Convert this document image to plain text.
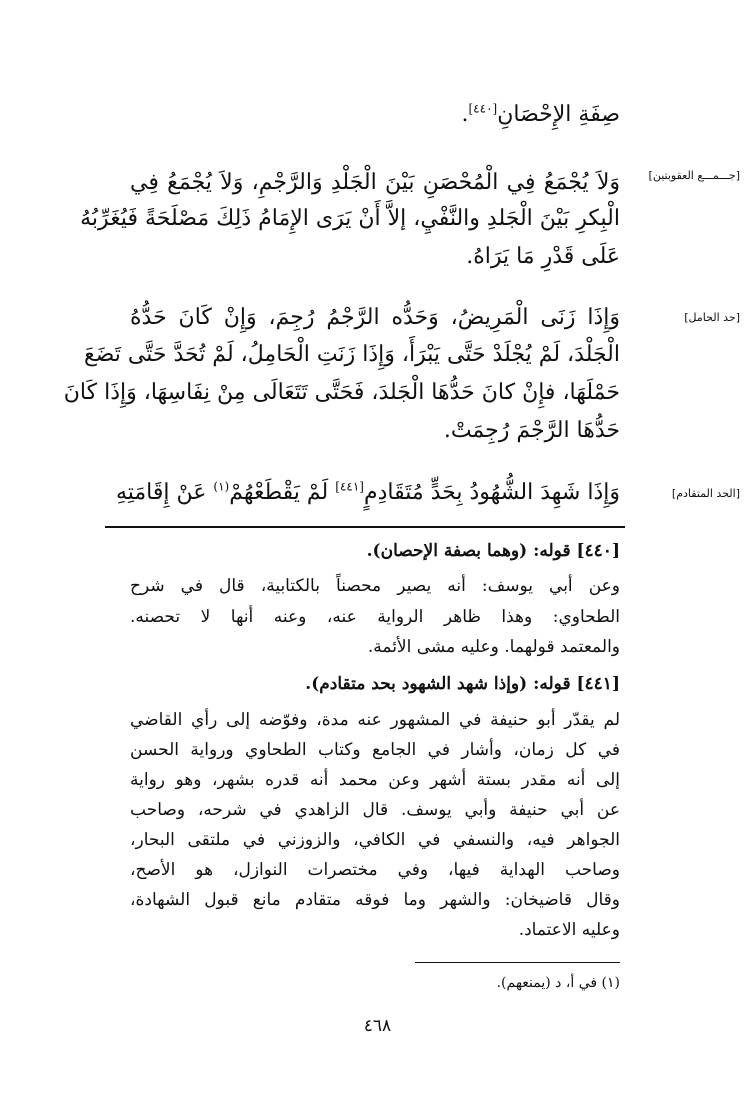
صِفَةِ الإِحْصَانِ[٤٤٠].
[جـــمـــع العقوبتين]
وَلاَ يُجْمَعُ فِي الْمُحْصَنِ بَيْنَ الْجَلْدِ وَالرَّجْمِ، وَلاَ يُجْمَعُ فِي
الْبِكرِ بَيْنَ الْجَلدِ والنَّفْيِ، إلاَّ أَنْ يَرَى الإِمَامُ ذَلِكَ مَصْلَحَةً فَيُغَرِّبُهُ
عَلَى قَدْرِ مَا يَرَاهُ.
[حد الحامل]
وَإِذَا زَنَى الْمَرِيضُ، وَحَدُّه الرَّجْمُ رُجِمَ، وَإِنْ كَانَ حَدُّهُ
الْجَلْدَ، لَمْ يُجْلَدْ حَتَّى يَبْرَأَ، وَإِذَا زَنَتِ الْحَامِلُ، لَمْ تُحَدَّ حَتَّى تَضَعَ
حَمْلَهَا، فإِنْ كانَ حَدُّهَا الْجَلدَ، فَحَتَّى تَتَعَالَى مِنْ نِفَاسِهَا، وَإِذَا كَانَ
حَدُّهَا الرَّجْمَ رُجِمَتْ.
[الحد المتقادم]
وَإِذَا شَهِدَ الشُّهُودُ بِحَدٍّ مُتَقَادِمٍ[٤٤١] لَمْ يَقْطَعْهُمْ$^{(١)}$ عَنْ إِقَامَتِهِ
[٤٤٠] قوله: (وهما بصفة الإحصان).
وعن أبي يوسف: أنه يصير محصناً بالكتابية، قال في شرح
الطحاوي: وهذا ظاهر الرواية عنه، وعنه أنها لا تحصنه.
والمعتمد قولهما. وعليه مشى الأئمة.
[٤٤١] قوله: (وإذا شهد الشهود بحد متقادم).
لم يقدّر أبو حنيفة في المشهور عنه مدة، وفوّضه إلى رأي القاضي
في كل زمان، وأشار في الجامع وكتاب الطحاوي ورواية الحسن
إلى أنه مقدر بستة أشهر وعن محمد أنه قدره بشهر، وهو رواية
عن أبي حنيفة وأبي يوسف. قال الزاهدي في شرحه، وصاحب
الجواهر فيه، والنسفي في الكافي، والزوزني في ملتقى البحار،
وصاحب الهداية فيها، وفي مختصرات النوازل، هو الأصح،
وقال قاضيخان: والشهر وما فوقه متقادم مانع قبول الشهادة،
وعليه الاعتماد.
(١) في أ، د (يمنعهم).
٤٦٨
